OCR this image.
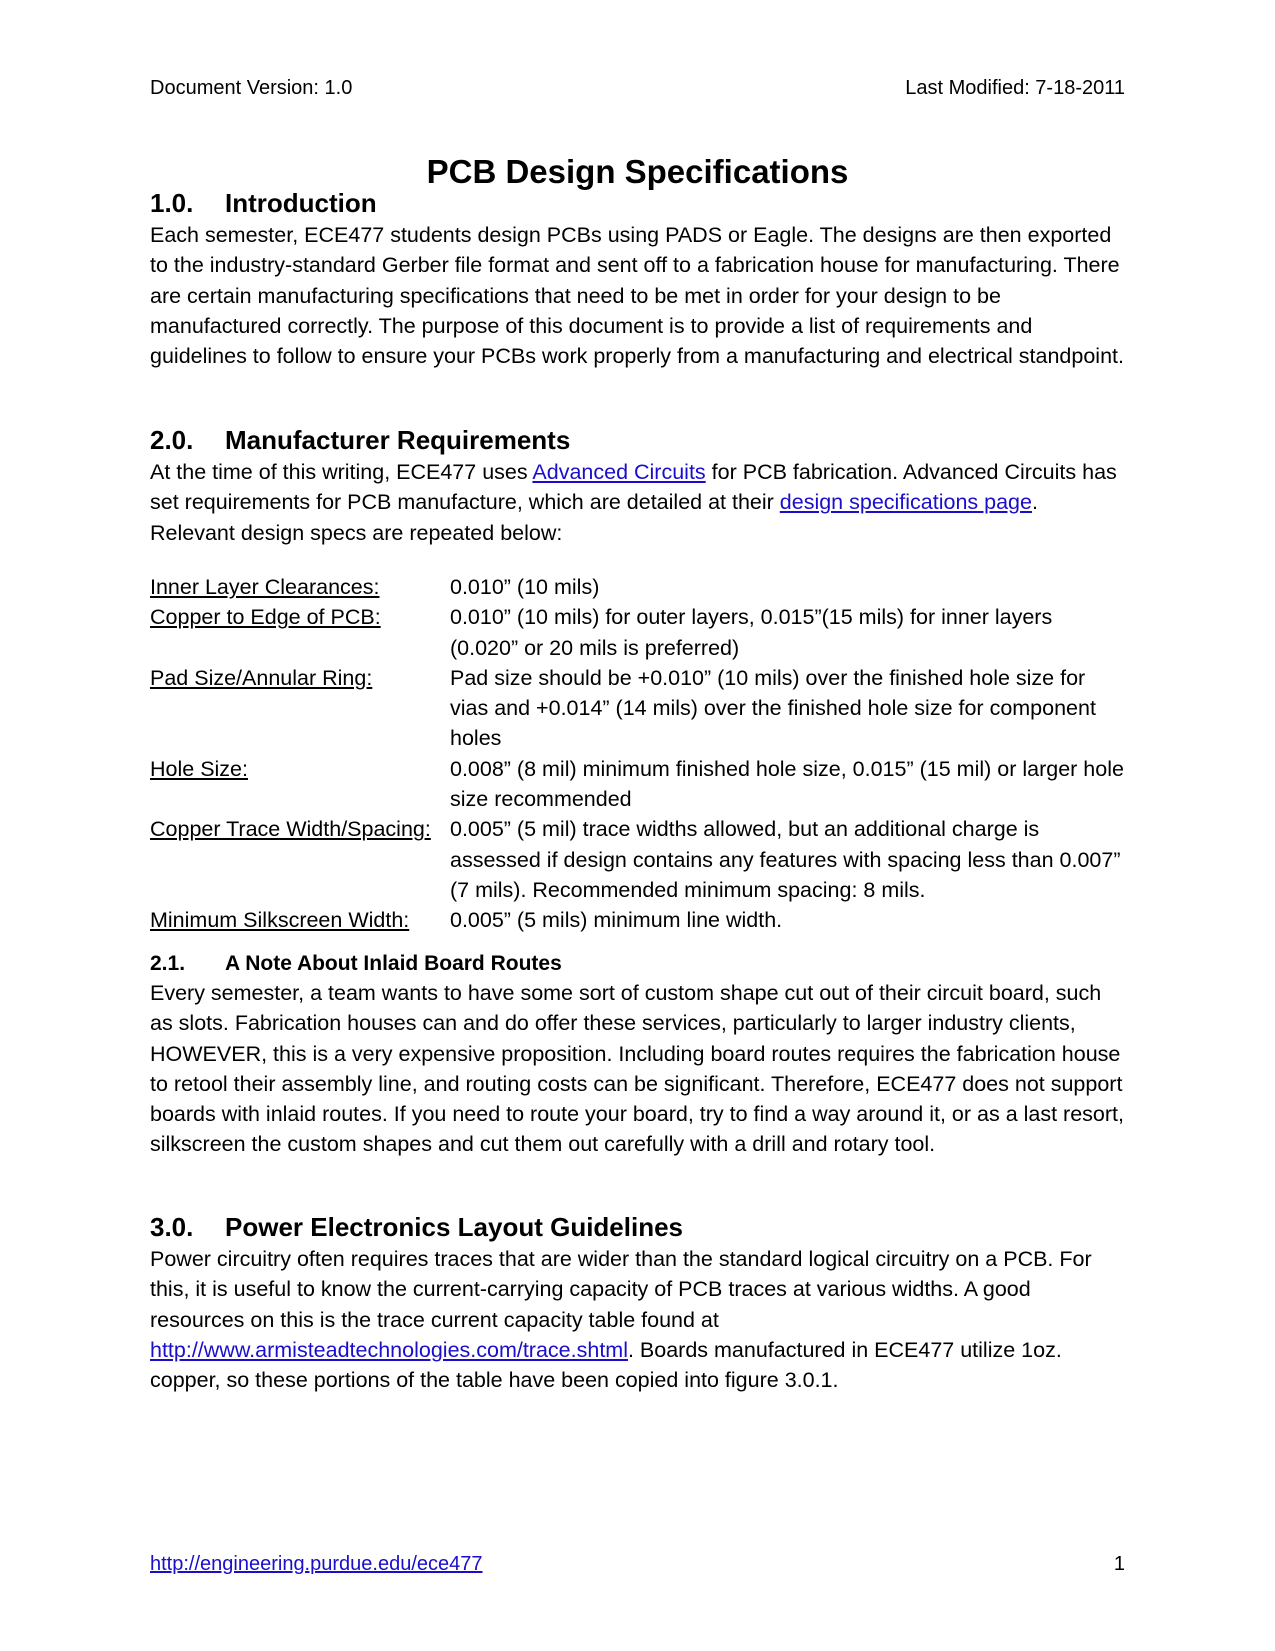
Document Version: 1.0	Last Modified: 7-18-2011
PCB Design Specifications
1.0.	Introduction

Each semester, ECE477 students design PCBs using PADS or Eagle. The designs are then exported to the industry-standard Gerber file format and sent off to a fabrication house for manufacturing. There are certain manufacturing specifications that need to be met in order for your design to be manufactured correctly. The purpose of this document is to provide a list of requirements and guidelines to follow to ensure your PCBs work properly from a manufacturing and electrical standpoint.

2.0.	Manufacturer Requirements

At the time of this writing, ECE477 uses Advanced Circuits for PCB fabrication. Advanced Circuits has set requirements for PCB manufacture, which are detailed at their design specifications page. Relevant design specs are repeated below:

Inner Layer Clearances:	0.010” (10 mils)
Copper to Edge of PCB:	0.010” (10 mils) for outer layers, 0.015”(15 mils) for inner layers (0.020” or 20 mils is preferred)
Pad Size/Annular Ring:	Pad size should be +0.010” (10 mils) over the finished hole size for vias and +0.014” (14 mils) over the finished hole size for component holes
Hole Size:	0.008” (8 mil) minimum finished hole size, 0.015” (15 mil) or larger hole size recommended
Copper Trace Width/Spacing: 0.005” (5 mil) trace widths allowed, but an additional charge is assessed if design contains any features with spacing less than 0.007” (7 mils). Recommended minimum spacing: 8 mils.
Minimum Silkscreen Width:	0.005” (5 mils) minimum line width.
2.1.	A Note About Inlaid Board Routes

Every semester, a team wants to have some sort of custom shape cut out of their circuit board, such as slots. Fabrication houses can and do offer these services, particularly to larger industry clients, HOWEVER, this is a very expensive proposition. Including board routes requires the fabrication house to retool their assembly line, and routing costs can be significant. Therefore, ECE477 does not support boards with inlaid routes. If you need to route your board, try to find a way around it, or as a last resort, silkscreen the custom shapes and cut them out carefully with a drill and rotary tool.

3.0.	Power Electronics Layout Guidelines

Power circuitry often requires traces that are wider than the standard logical circuitry on a PCB. For this, it is useful to know the current-carrying capacity of PCB traces at various widths. A good resources on this is the trace current capacity table found at http://www.armisteadtechnologies.com/trace.shtml. Boards manufactured in ECE477 utilize 1oz. copper, so these portions of the table have been copied into figure 3.0.1.

http://engineering.purdue.edu/ece477	1
